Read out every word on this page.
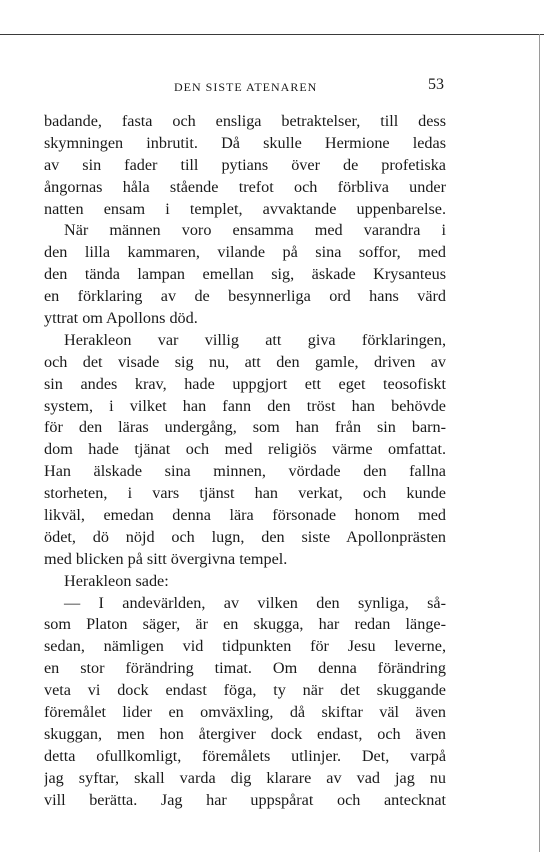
DEN SISTE ATENAREN	53
badande, fasta och ensliga betraktelser, till dess
skymningen inbrutit. Då skulle Hermione ledas
av sin fader till pytians över de profetiska
ångornas håla stående trefot och förbliva under
natten ensam i templet, avvaktande uppenbarelse.
När männen voro ensamma med varandra i
den lilla kammaren, vilande på sina soffor, med
den tända lampan emellan sig, äskade Krysanteus
en förklaring av de besynnerliga ord hans värd
yttrat om Apollons död.
Herakleon var villig att giva förklaringen,
och det visade sig nu, att den gamle, driven av
sin andes krav, hade uppgjort ett eget teosofiskt
system, i vilket han fann den tröst han behövde
för den läras undergång, som han från sin barn-
dom hade tjänat och med religiös värme omfattat.
Han älskade sina minnen, vördade den fallna
storheten, i vars tjänst han verkat, och kunde
likväl, emedan denna lära försonade honom med
ödet, dö nöjd och lugn, den siste Apollonprästen
med blicken på sitt övergivna tempel.
Herakleon sade:
— I andevärlden, av vilken den synliga, så-
som Platon säger, är en skugga, har redan länge-
sedan, nämligen vid tidpunkten för Jesu leverne,
en stor förändring timat. Om denna förändring
veta vi dock endast föga, ty när det skuggande
föremålet lider en omväxling, då skiftar väl även
skuggan, men hon återgiver dock endast, och även
detta ofullkomligt, föremålets utlinjer. Det, varpå
jag syftar, skall varda dig klarare av vad jag nu
vill berätta. Jag har uppspårat och antecknat
